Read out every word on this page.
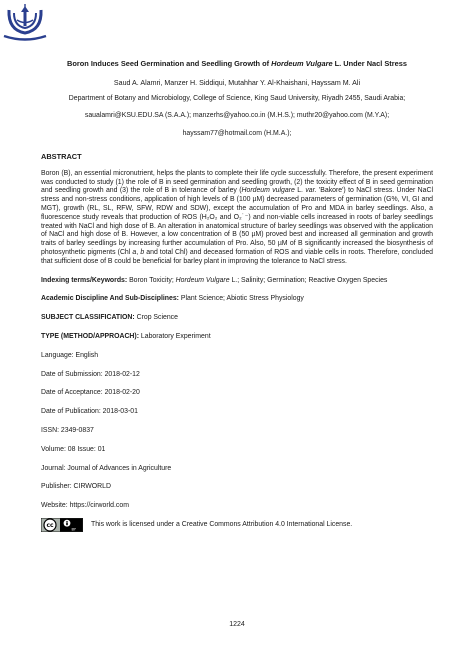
Boron Induces Seed Germination and Seedling Growth of Hordeum Vulgare L. Under Nacl Stress

Saud A. Alamri, Manzer H. Siddiqui, Mutahhar Y. Al-Khaishani, Hayssam M. Ali

Department of Botany and Microbiology, College of Science, King Saud University, Riyadh 2455, Saudi Arabia;

saualamri@KSU.EDU.SA (S.A.A.); manzerhs@yahoo.co.in (M.H.S.); muthr20@yahoo.com (M.Y.A);

hayssam77@hotmail.com (H.M.A.);

ABSTRACT

Boron (B), an essential micronutrient, helps the plants to complete their life cycle successfully. Therefore, the present experiment was conducted to study (1) the role of B in seed germination and seedling growth, (2) the toxicity effect of B in seed germination and seedling growth and (3) the role of B in tolerance of barley (Hordeum vulgare L. var. 'Bakore') to NaCl stress. Under NaCl stress and non-stress conditions, application of high levels of B (100 µM) decreased parameters of germination (G%, VI, GI and MGT), growth (RL, SL, RFW, SFW, RDW and SDW), except the accumulation of Pro and MDA in barley seedlings. Also, a fluorescence study reveals that production of ROS (H₂O₂ and O₂˙⁻) and non-viable cells increased in roots of barley seedlings treated with NaCl and high dose of B. An alteration in anatomical structure of barley seedlings was observed with the application of NaCl and high dose of B. However, a low concentration of B (50 µM) proved best and increased all germination and growth traits of barley seedlings by increasing further accumulation of Pro. Also, 50 µM of B significantly increased the biosynthesis of photosynthetic pigments (Chl a, b and total Chl) and deceased formation of ROS and viable cells in roots. Therefore, concluded that sufficient dose of B could be beneficial for barley plant in improving the tolerance to NaCl stress.

Indexing terms/Keywords: Boron Toxicity; Hordeum Vulgare L.; Salinity; Germination; Reactive Oxygen Species

Academic Discipline And Sub-Disciplines: Plant Science; Abiotic Stress Physiology

SUBJECT CLASSIFICATION: Crop Science

TYPE (METHOD/APPROACH): Laboratory Experiment

Language: English

Date of Submission: 2018-02-12

Date of Acceptance: 2018-02-20

Date of Publication: 2018-03-01

ISSN: 2349-0837

Volume: 08 Issue: 01

Journal: Journal of Advances in Agriculture

Publisher: CIRWORLD

Website: https://cirworld.com

cc
BY
This work is licensed under a Creative Commons Attribution 4.0 International License.
1224
